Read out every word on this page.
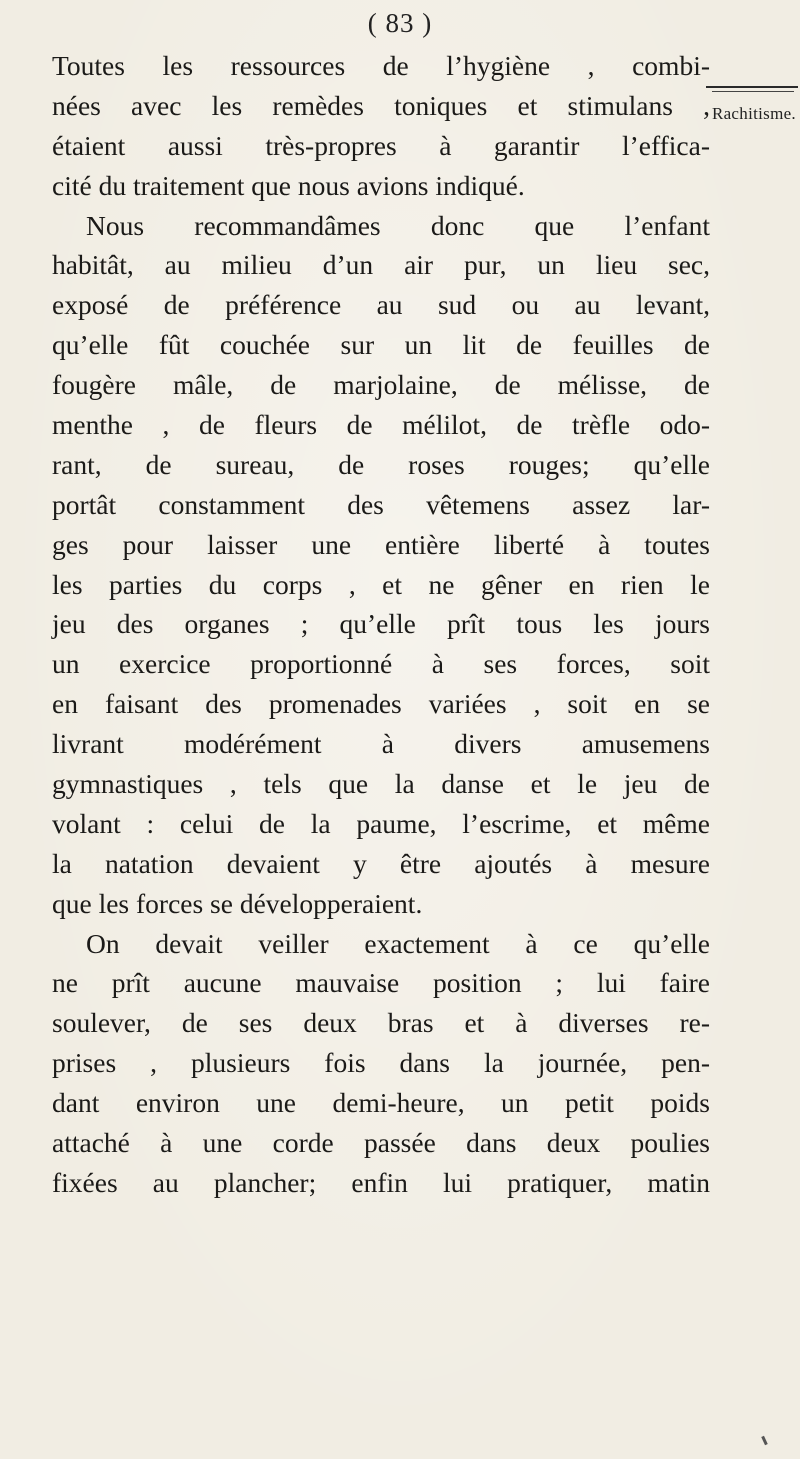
( 83 )
Rachitisme.
Toutes les ressources de l’hygiène , combi-
nées avec les remèdes toniques et stimulans ,
étaient aussi très-propres à garantir l’effica-
cité du traitement que nous avions indiqué.
Nous recommandâmes donc que l’enfant
habitât, au milieu d’un air pur, un lieu sec,
exposé de préférence au sud ou au levant,
qu’elle fût couchée sur un lit de feuilles de
fougère mâle, de marjolaine, de mélisse, de
menthe , de fleurs de mélilot, de trèfle odo-
rant, de sureau, de roses rouges; qu’elle
portât constamment des vêtemens assez lar-
ges pour laisser une entière liberté à toutes
les parties du corps , et ne gêner en rien le
jeu des organes ; qu’elle prît tous les jours
un exercice proportionné à ses forces, soit
en faisant des promenades variées , soit en se
livrant modérément à divers amusemens
gymnastiques , tels que la danse et le jeu de
volant : celui de la paume, l’escrime, et même
la natation devaient y être ajoutés à mesure
que les forces se développeraient.
On devait veiller exactement à ce qu’elle
ne prît aucune mauvaise position ; lui faire
soulever, de ses deux bras et à diverses re-
prises , plusieurs fois dans la journée, pen-
dant environ une demi-heure, un petit poids
attaché à une corde passée dans deux poulies
fixées au plancher; enfin lui pratiquer, matin
